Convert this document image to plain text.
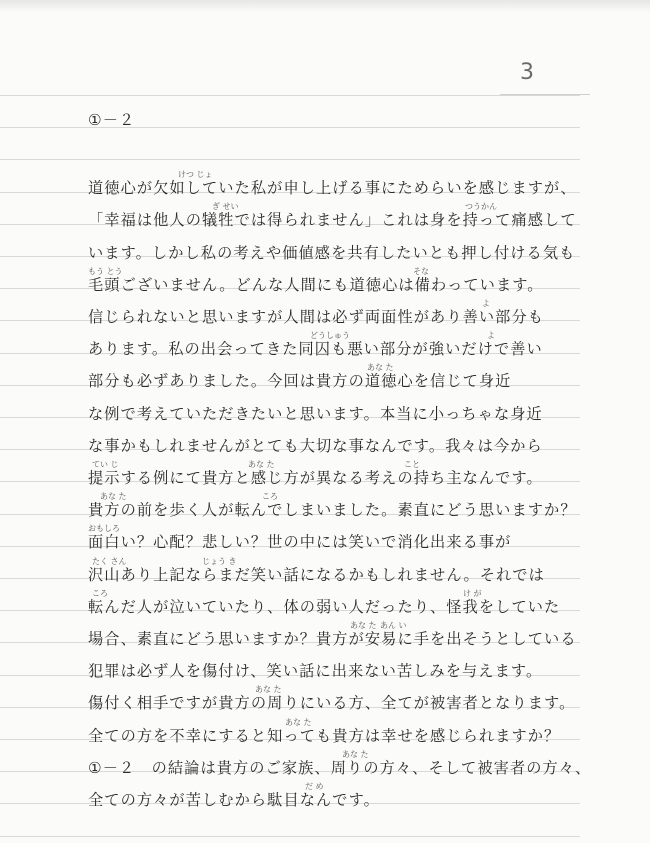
3
①－２
道徳心が欠如していた私が申し上げる事にためらいを感じますが、
「幸福は他人の犠牲では得られません」これは身を持って痛感して
います。しかし私の考えや価値感を共有したいとも押し付ける気も
毛頭ございません。どんな人間にも道徳心は備わっています。
信じられないと思いますが人間は必ず両面性があり善い部分も
あります。私の出会ってきた同囚も悪い部分が強いだけで善い
部分も必ずありました。今回は貴方の道徳心を信じて身近
な例で考えていただきたいと思います。本当に小っちゃな身近
な事かもしれませんがとても大切な事なんです。我々は今から
提示する例にて貴方と感じ方が異なる考えの持ち主なんです。
貴方の前を歩く人が転んでしまいました。素直にどう思いますか？
面白い？心配？悲しい？世の中には笑いで消化出来る事が
沢山あり上記ならまだ笑い話になるかもしれません。それでは
転んだ人が泣いていたり、体の弱い人だったり、怪我をしていた
場合、素直にどう思いますか？貴方が安易に手を出そうとしている
犯罪は必ず人を傷付け、笑い話に出来ない苦しみを与えます。
傷付く相手ですが貴方の周りにいる方、全てが被害者となります。
全ての方を不幸にすると知っても貴方は幸せを感じられますか？
①－２　の結論は貴方のご家族、周りの方々、そして被害者の方々、
全ての方々が苦しむから駄目なんです。
けつ じょ
ぎ せい	つうかん
もう とう	そな
よ
どうしゅう	よ
あな た
てい じ	あな た	こと
あな た	ころ
おもしろ
たく さん	じょう き
ころ	け が
あな た あん い
あな た
あな た
あな た
だ め
